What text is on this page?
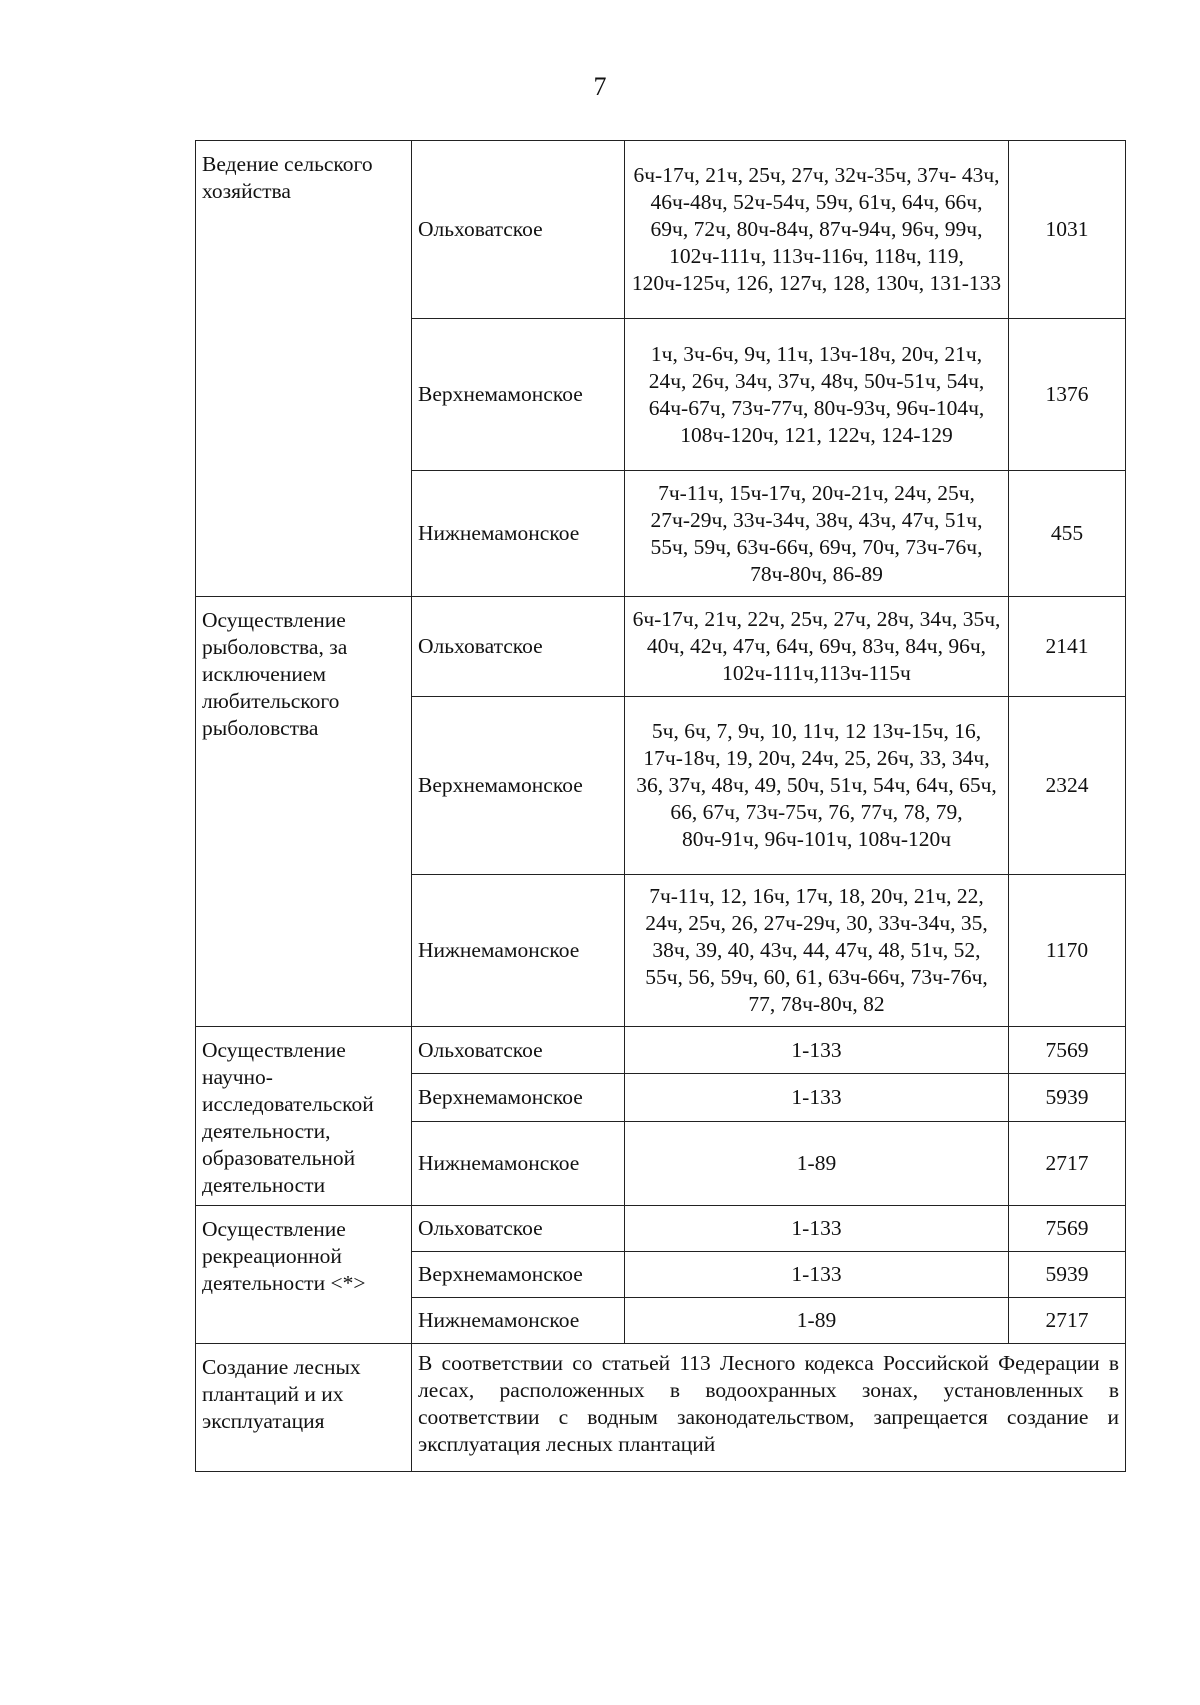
7
Ведение сельского хозяйства	Ольховатское	6ч-17ч, 21ч, 25ч, 27ч, 32ч-35ч, 37ч- 43ч, 46ч-48ч, 52ч-54ч, 59ч, 61ч, 64ч, 66ч, 69ч, 72ч, 80ч-84ч, 87ч-94ч, 96ч, 99ч, 102ч-111ч, 113ч-116ч, 118ч, 119, 120ч-125ч, 126, 127ч, 128, 130ч, 131-133	1031
	Верхнемамонское	1ч, 3ч-6ч, 9ч, 11ч, 13ч-18ч, 20ч, 21ч, 24ч, 26ч, 34ч, 37ч, 48ч, 50ч-51ч, 54ч, 64ч-67ч, 73ч-77ч, 80ч-93ч, 96ч-104ч, 108ч-120ч, 121, 122ч, 124-129	1376
	Нижнемамонское	7ч-11ч, 15ч-17ч, 20ч-21ч, 24ч, 25ч, 27ч-29ч, 33ч-34ч, 38ч, 43ч, 47ч, 51ч, 55ч, 59ч, 63ч-66ч, 69ч, 70ч, 73ч-76ч, 78ч-80ч, 86-89	455
Осуществление рыболовства, за исключением любительского рыболовства	Ольховатское	6ч-17ч, 21ч, 22ч, 25ч, 27ч, 28ч, 34ч, 35ч, 40ч, 42ч, 47ч, 64ч, 69ч, 83ч, 84ч, 96ч, 102ч-111ч,113ч-115ч	2141
	Верхнемамонское	5ч, 6ч, 7, 9ч, 10, 11ч, 12 13ч-15ч, 16, 17ч-18ч, 19, 20ч, 24ч, 25, 26ч, 33, 34ч, 36, 37ч, 48ч, 49, 50ч, 51ч, 54ч, 64ч, 65ч, 66, 67ч, 73ч-75ч, 76, 77ч, 78, 79, 80ч-91ч, 96ч-101ч, 108ч-120ч	2324
	Нижнемамонское	7ч-11ч, 12, 16ч, 17ч, 18, 20ч, 21ч, 22, 24ч, 25ч, 26, 27ч-29ч, 30, 33ч-34ч, 35, 38ч, 39, 40, 43ч, 44, 47ч, 48, 51ч, 52, 55ч, 56, 59ч, 60, 61, 63ч-66ч, 73ч-76ч, 77, 78ч-80ч, 82	1170
Осуществление научно-исследовательской деятельности, образовательной деятельности	Ольховатское	1-133	7569
	Верхнемамонское	1-133	5939
	Нижнемамонское	1-89	2717
Осуществление рекреационной деятельности <*>	Ольховатское	1-133	7569
	Верхнемамонское	1-133	5939
	Нижнемамонское	1-89	2717
Создание лесных плантаций и их эксплуатация	В соответствии со статьей 113 Лесного кодекса Российской Федерации в лесах, расположенных в водоохранных зонах, установленных в соответствии с водным законодательством, запрещается создание и эксплуатация лесных плантаций		
